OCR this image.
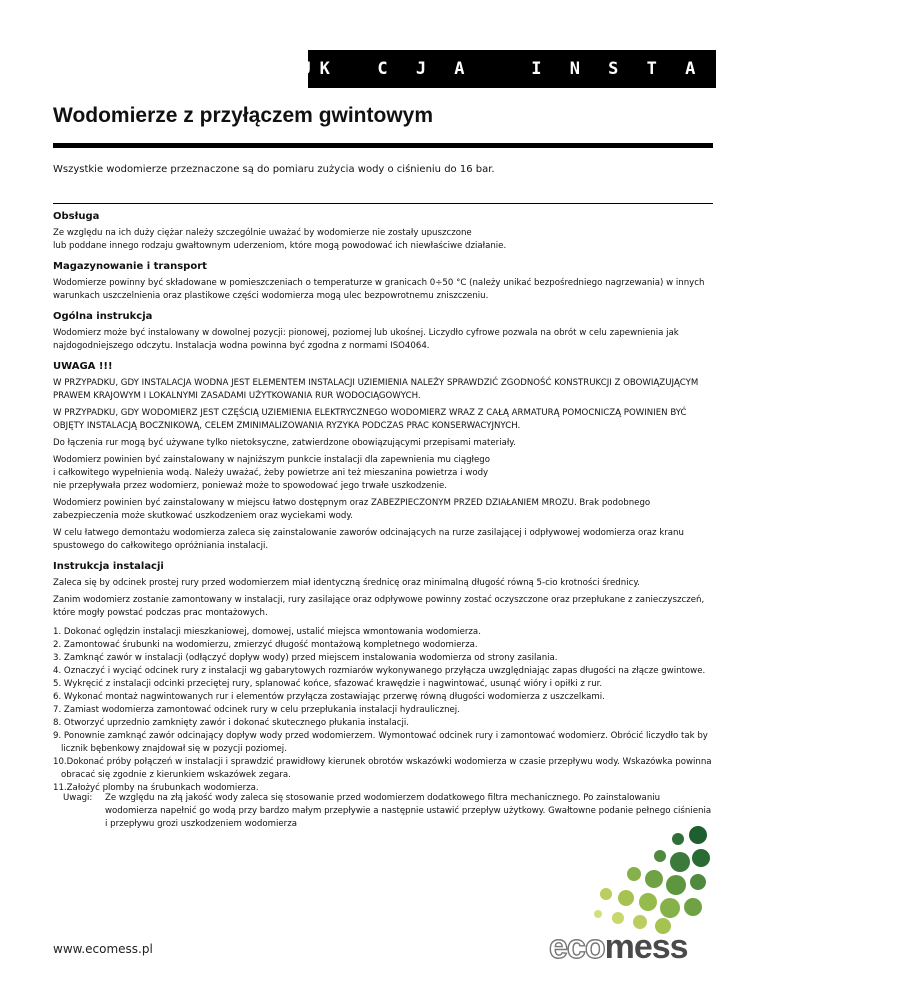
I N S T RUK  C J A   I N S T A L A C J I
Wodomierze z przyłączem gwintowym
Wszystkie wodomierze przeznaczone są do pomiaru zużycia wody o ciśnieniu do 16 bar.
Obsługa

Ze względu na ich duży ciężar należy szczególnie uważać by wodomierze nie zostały upuszczone
lub poddane innego rodzaju gwałtownym uderzeniom, które mogą powodować ich niewłaściwe działanie.

Magazynowanie i transport

Wodomierze powinny być składowane w pomieszczeniach o temperaturze w granicach 0÷50 °C (należy unikać bezpośredniego nagrzewania) w innych warunkach uszczelnienia oraz plastikowe części wodomierza mogą ulec bezpowrotnemu zniszczeniu.

Ogólna instrukcja

Wodomierz może być instalowany w dowolnej pozycji: pionowej, poziomej lub ukośnej. Liczydło cyfrowe pozwala na obrót w celu zapewnienia jak najdogodniejszego odczytu. Instalacja wodna powinna być zgodna z normami ISO4064.

UWAGA !!!

W PRZYPADKU, GDY INSTALACJA WODNA JEST ELEMENTEM INSTALACJI UZIEMIENIA NALEŻY SPRAWDZIĆ ZGODNOŚĆ KONSTRUKCJI Z OBOWIĄZUJĄCYM PRAWEM KRAJOWYM I LOKALNYMI ZASADAMI UŻYTKOWANIA RUR WODOCIĄGOWYCH.

W PRZYPADKU, GDY WODOMIERZ JEST CZĘŚCIĄ UZIEMIENIA ELEKTRYCZNEGO WODOMIERZ WRAZ Z CAŁĄ ARMATURĄ POMOCNICZĄ POWINIEN BYĆ OBJĘTY INSTALACJĄ BOCZNIKOWĄ, CELEM ZMINIMALIZOWANIA RYZYKA PODCZAS PRAC KONSERWACYJNYCH.

Do łączenia rur mogą być używane tylko nietoksyczne, zatwierdzone obowiązującymi przepisami materiały.

Wodomierz powinien być zainstalowany w najniższym punkcie instalacji dla zapewnienia mu ciągłego
i całkowitego wypełnienia wodą. Należy uważać, żeby powietrze ani też mieszanina powietrza i wody
nie przepływała przez wodomierz, ponieważ może to spowodować jego trwałe uszkodzenie.

Wodomierz powinien być zainstalowany w miejscu łatwo dostępnym oraz ZABEZPIECZONYM PRZED DZIAŁANIEM MROZU. Brak podobnego zabezpieczenia może skutkować uszkodzeniem oraz wyciekami wody.

W celu łatwego demontażu wodomierza zaleca się zainstalowanie zaworów odcinających na rurze zasilającej i odpływowej wodomierza oraz kranu spustowego do całkowitego opróżniania instalacji.

Instrukcja instalacji

Zaleca się by odcinek prostej rury przed wodomierzem miał identyczną średnicę oraz minimalną długość równą 5-cio krotności średnicy.

Zanim wodomierz zostanie zamontowany w instalacji, rury zasilające oraz odpływowe powinny zostać oczyszczone oraz przepłukane z zanieczyszczeń, które mogły powstać podczas prac montażowych.

1. Dokonać oględzin instalacji mieszkaniowej, domowej, ustalić miejsca wmontowania wodomierza.
2. Zamontować śrubunki na wodomierzu, zmierzyć długość montażową kompletnego wodomierza.
3. Zamknąć zawór w instalacji (odłączyć dopływ wody) przed miejscem instalowania wodomierza od strony zasilania.
4. Oznaczyć i wyciąć odcinek rury z instalacji wg gabarytowych rozmiarów wykonywanego przyłącza uwzględniając zapas długości na złącze gwintowe.
5. Wykręcić z instalacji odcinki przeciętej rury, splanować końce, sfazować krawędzie i nagwintować, usunąć wióry i opiłki z rur.
6. Wykonać montaż nagwintowanych rur i elementów przyłącza zostawiając przerwę równą długości wodomierza z uszczelkami.
7. Zamiast wodomierza zamontować odcinek rury w celu przepłukania instalacji hydraulicznej.
8. Otworzyć uprzednio zamknięty zawór i dokonać skutecznego płukania instalacji.
9. Ponownie zamknąć zawór odcinający dopływ wody przed wodomierzem. Wymontować odcinek rury i zamontować wodomierz. Obrócić liczydło tak by licznik bębenkowy znajdował się w pozycji poziomej.
10.Dokonać próby połączeń w instalacji i sprawdzić prawidłowy kierunek obrotów wskazówki wodomierza w czasie przepływu wody. Wskazówka powinna obracać się zgodnie z kierunkiem wskazówek zegara.
11.Założyć plomby na śrubunkach wodomierza.
Uwagi:	Ze względu na złą jakość wody zaleca się stosowanie przed wodomierzem dodatkowego filtra mechanicznego. Po zainstalowaniu wodomierza napełnić go wodą przy bardzo małym przepływie a następnie ustawić przepływ użytkowy. Gwałtowne podanie pełnego ciśnienia i przepływu grozi uszkodzeniem wodomierza
www.ecomess.pl	ecomess
